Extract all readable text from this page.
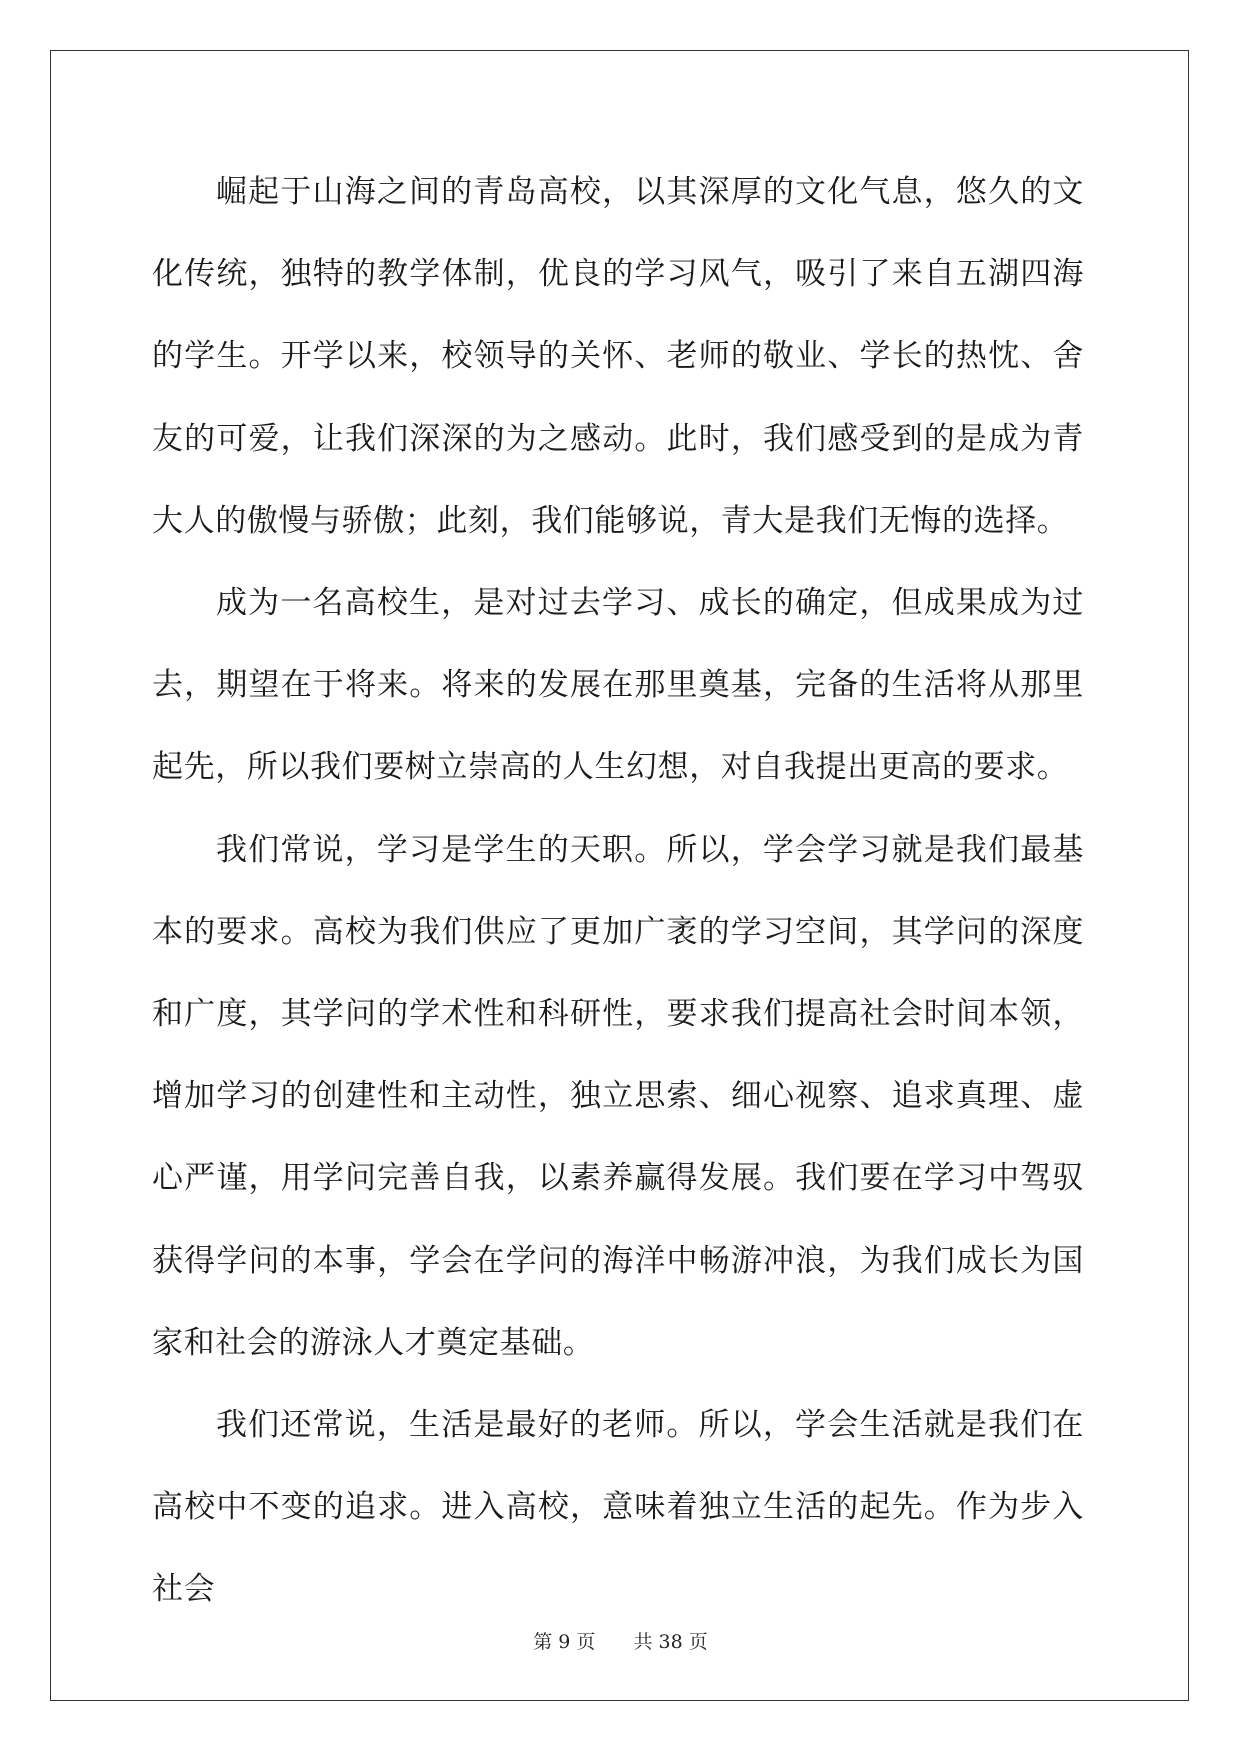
崛起于山海之间的青岛高校，以其深厚的文化气息，悠久的文化传统，独特的教学体制，优良的学习风气，吸引了来自五湖四海的学生。开学以来，校领导的关怀、老师的敬业、学长的热忱、舍友的可爱，让我们深深的为之感动。此时，我们感受到的是成为青大人的傲慢与骄傲；此刻，我们能够说，青大是我们无悔的选择。

成为一名高校生，是对过去学习、成长的确定，但成果成为过去，期望在于将来。将来的发展在那里奠基，完备的生活将从那里起先，所以我们要树立崇高的人生幻想，对自我提出更高的要求。

我们常说，学习是学生的天职。所以，学会学习就是我们最基本的要求。高校为我们供应了更加广袤的学习空间，其学问的深度和广度，其学问的学术性和科研性，要求我们提高社会时间本领，增加学习的创建性和主动性，独立思索、细心视察、追求真理、虚心严谨，用学问完善自我，以素养赢得发展。我们要在学习中驾驭获得学问的本事，学会在学问的海洋中畅游冲浪，为我们成长为国家和社会的游泳人才奠定基础。

我们还常说，生活是最好的老师。所以，学会生活就是我们在高校中不变的追求。进入高校，意味着独立生活的起先。作为步入社会

第 9 页 共 38 页
